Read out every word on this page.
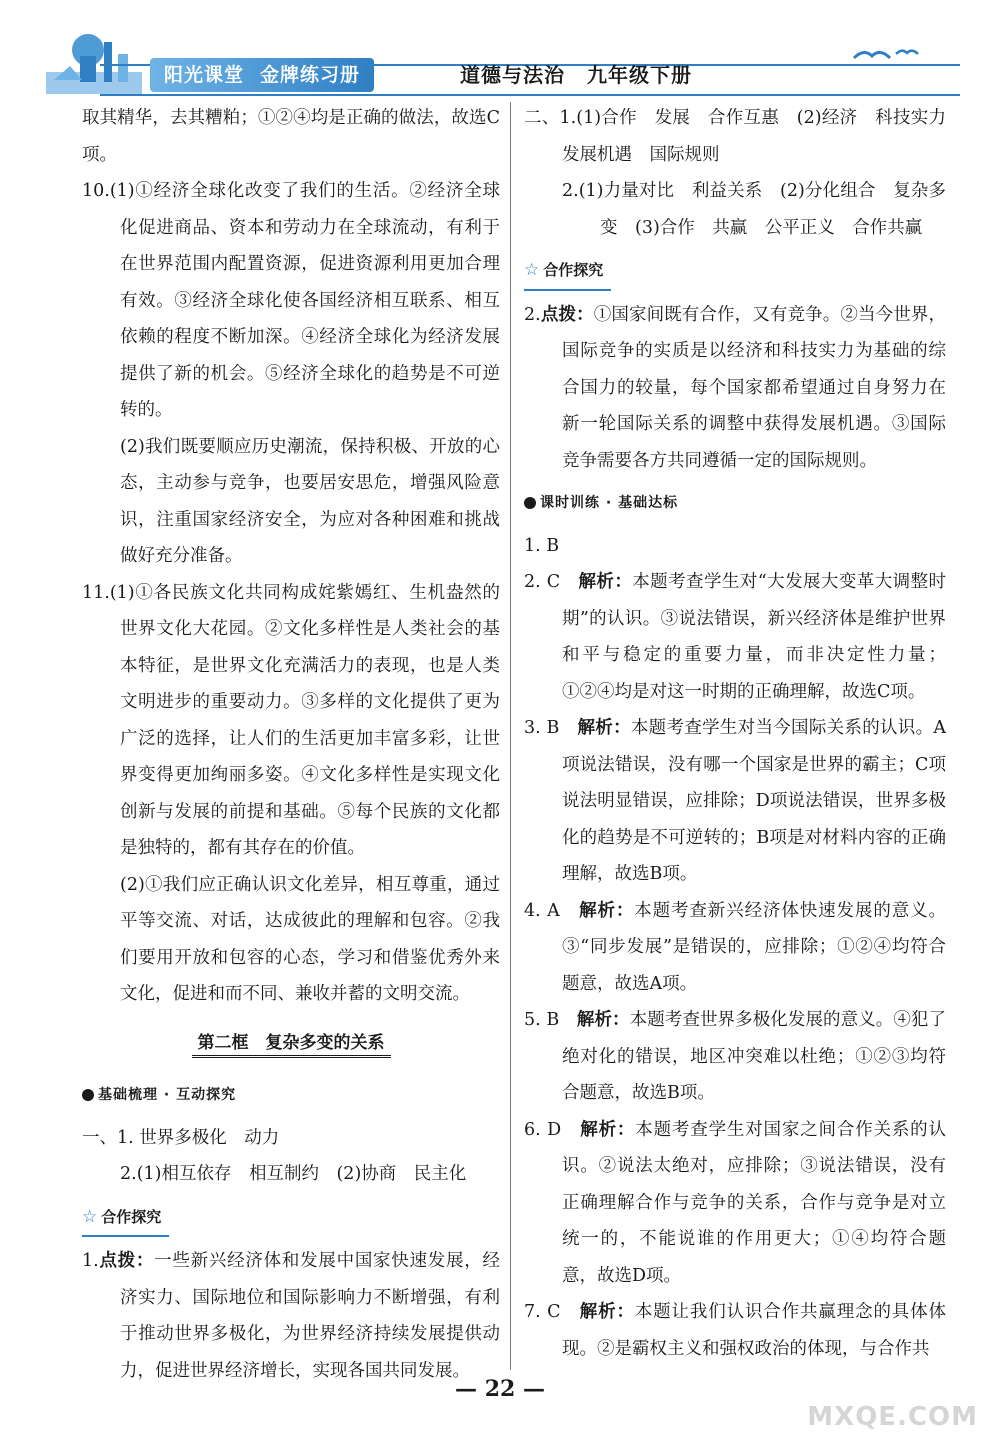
阳光课堂 金牌练习册	道德与法治 九年级下册

取其精华，去其糟粕；①②④均是正确的做法，故选C项。

10.(1)①经济全球化改变了我们的生活。②经济全球化促进商品、资本和劳动力在全球流动，有利于在世界范围内配置资源，促进资源利用更加合理有效。③经济全球化使各国经济相互联系、相互依赖的程度不断加深。④经济全球化为经济发展提供了新的机会。⑤经济全球化的趋势是不可逆转的。

(2)我们既要顺应历史潮流，保持积极、开放的心态，主动参与竞争，也要居安思危，增强风险意识，注重国家经济安全，为应对各种困难和挑战做好充分准备。

11.(1)①各民族文化共同构成姹紫嫣红、生机盎然的世界文化大花园。②文化多样性是人类社会的基本特征，是世界文化充满活力的表现，也是人类文明进步的重要动力。③多样的文化提供了更为广泛的选择，让人们的生活更加丰富多彩，让世界变得更加绚丽多姿。④文化多样性是实现文化创新与发展的前提和基础。⑤每个民族的文化都是独特的，都有其存在的价值。

(2)①我们应正确认识文化差异，相互尊重，通过平等交流、对话，达成彼此的理解和包容。②我们要用开放和包容的心态，学习和借鉴优秀外来文化，促进和而不同、兼收并蓄的文明交流。

第二框　复杂多变的关系
基础梳理 · 互动探究

一、1. 世界多极化　动力

2.(1)相互依存　相互制约　(2)协商　民主化

☆ 合作探究

1.点拨：一些新兴经济体和发展中国家快速发展，经济实力、国际地位和国际影响力不断增强，有利于推动世界多极化，为世界经济持续发展提供动力，促进世界经济增长，实现各国共同发展。

二、1.(1)合作　发展　合作互惠　(2)经济　科技实力　发展机遇　国际规则

2.(1)力量对比　利益关系　(2)分化组合　复杂多变　(3)合作　共赢　公平正义　合作共赢

☆ 合作探究

2.点拨：①国家间既有合作，又有竞争。②当今世界，国际竞争的实质是以经济和科技实力为基础的综合国力的较量，每个国家都希望通过自身努力在新一轮国际关系的调整中获得发展机遇。③国际竞争需要各方共同遵循一定的国际规则。

课时训练 · 基础达标

1. B

2. C　解析：本题考查学生对“大发展大变革大调整时期”的认识。③说法错误，新兴经济体是维护世界和平与稳定的重要力量，而非决定性力量；①②④均是对这一时期的正确理解，故选C项。

3. B　解析：本题考查学生对当今国际关系的认识。A项说法错误，没有哪一个国家是世界的霸主；C项说法明显错误，应排除；D项说法错误，世界多极化的趋势是不可逆转的；B项是对材料内容的正确理解，故选B项。

4. A　解析：本题考查新兴经济体快速发展的意义。③“同步发展”是错误的，应排除；①②④均符合题意，故选A项。

5. B　解析：本题考查世界多极化发展的意义。④犯了绝对化的错误，地区冲突难以杜绝；①②③均符合题意，故选B项。

6. D　解析：本题考查学生对国家之间合作关系的认识。②说法太绝对，应排除；③说法错误，没有正确理解合作与竞争的关系，合作与竞争是对立统一的，不能说谁的作用更大；①④均符合题意，故选D项。

7. C　解析：本题让我们认识合作共赢理念的具体体现。②是霸权主义和强权政治的体现，与合作共

— 22 —
MXQE.COM
